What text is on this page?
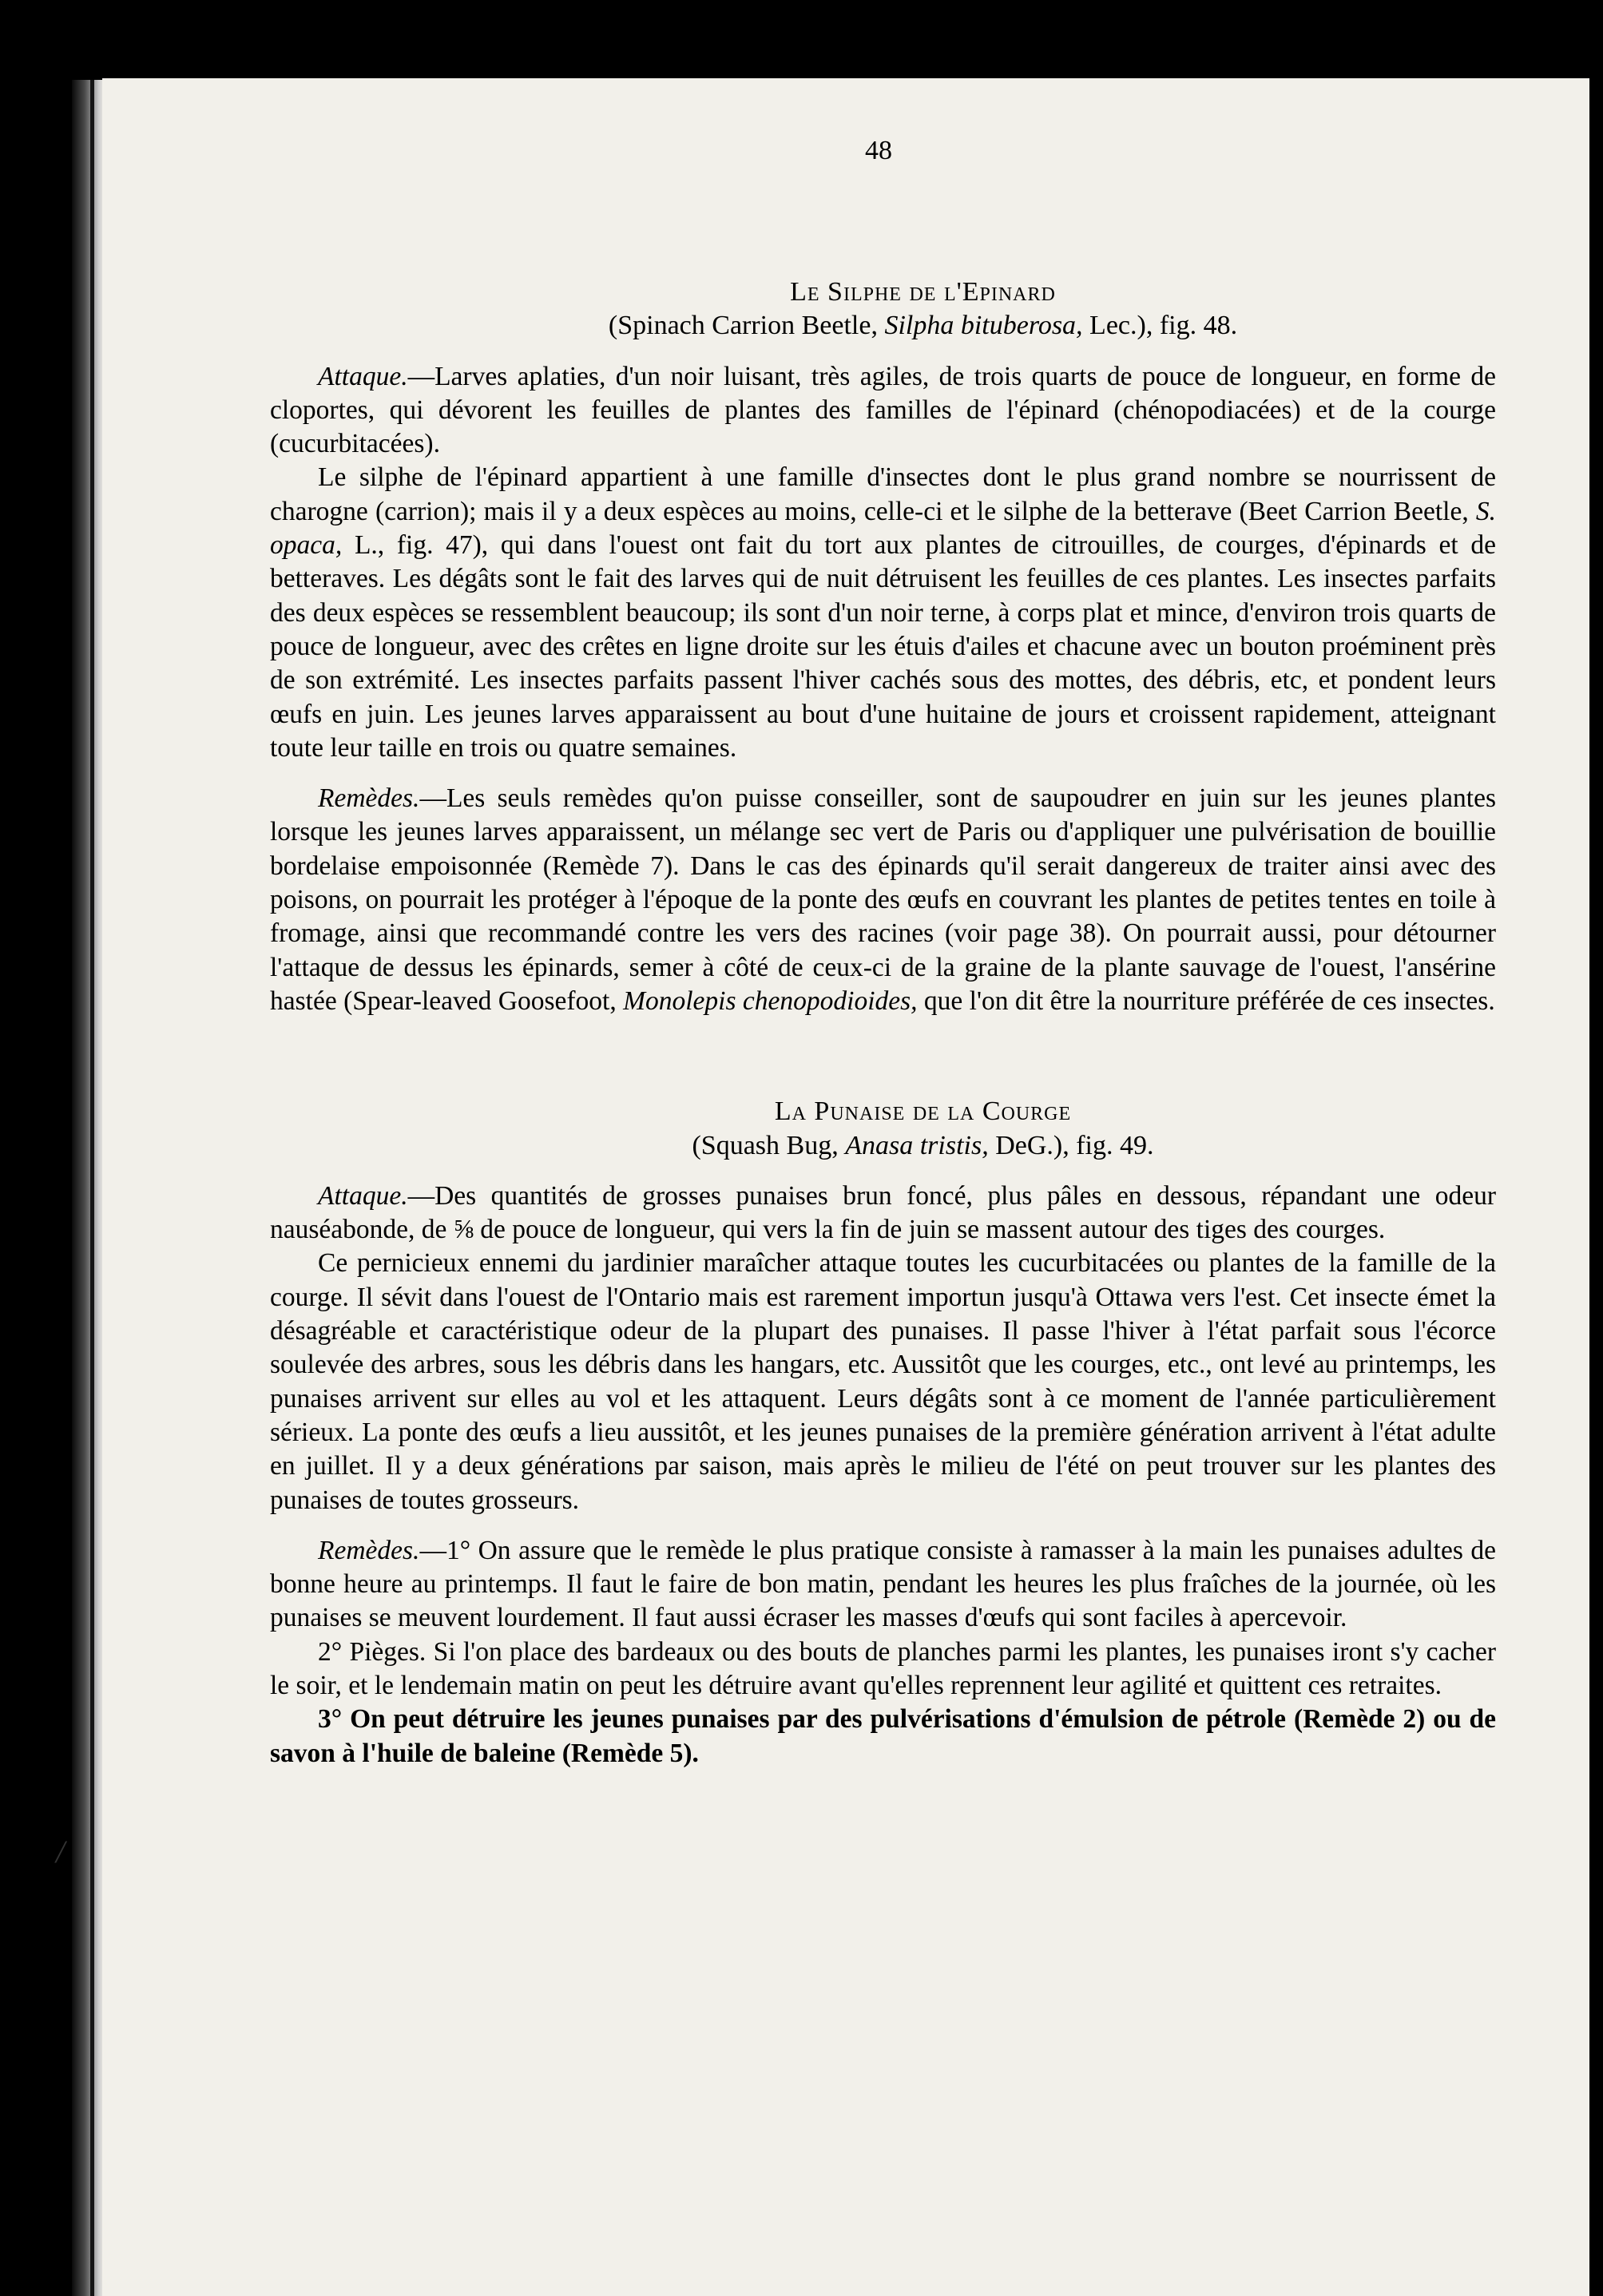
/
48
Le Silphe de l'Epinard
(Spinach Carrion Beetle, Silpha bituberosa, Lec.), fig. 48.

Attaque.—Larves aplaties, d'un noir luisant, très agiles, de trois quarts de pouce de longueur, en forme de cloportes, qui dévorent les feuilles de plantes des familles de l'épinard (chénopodiacées) et de la courge (cucurbitacées).

Le silphe de l'épinard appartient à une famille d'insectes dont le plus grand nombre se nourrissent de charogne (carrion); mais il y a deux espèces au moins, celle-ci et le silphe de la betterave (Beet Carrion Beetle, S. opaca, L., fig. 47), qui dans l'ouest ont fait du tort aux plantes de citrouilles, de courges, d'épinards et de betteraves. Les dégâts sont le fait des larves qui de nuit détruisent les feuilles de ces plantes. Les insectes parfaits des deux espèces se ressemblent beaucoup; ils sont d'un noir terne, à corps plat et mince, d'environ trois quarts de pouce de longueur, avec des crêtes en ligne droite sur les étuis d'ailes et chacune avec un bouton proéminent près de son extrémité. Les insectes parfaits passent l'hiver cachés sous des mottes, des débris, etc, et pondent leurs œufs en juin. Les jeunes larves apparaissent au bout d'une huitaine de jours et croissent rapidement, atteignant toute leur taille en trois ou quatre semaines.

Remèdes.—Les seuls remèdes qu'on puisse conseiller, sont de saupoudrer en juin sur les jeunes plantes lorsque les jeunes larves apparaissent, un mélange sec vert de Paris ou d'appliquer une pulvérisation de bouillie bordelaise empoisonnée (Remède 7). Dans le cas des épinards qu'il serait dangereux de traiter ainsi avec des poisons, on pourrait les protéger à l'époque de la ponte des œufs en couvrant les plantes de petites tentes en toile à fromage, ainsi que recommandé contre les vers des racines (voir page 38). On pourrait aussi, pour détourner l'attaque de dessus les épinards, semer à côté de ceux-ci de la graine de la plante sauvage de l'ouest, l'ansérine hastée (Spear-leaved Goosefoot, Monolepis chenopodioides, que l'on dit être la nourriture préférée de ces insectes.

La Punaise de la Courge
(Squash Bug, Anasa tristis, DeG.), fig. 49.

Attaque.—Des quantités de grosses punaises brun foncé, plus pâles en dessous, répandant une odeur nauséabonde, de ⅝ de pouce de longueur, qui vers la fin de juin se massent autour des tiges des courges.

Ce pernicieux ennemi du jardinier maraîcher attaque toutes les cucurbitacées ou plantes de la famille de la courge. Il sévit dans l'ouest de l'Ontario mais est rarement importun jusqu'à Ottawa vers l'est. Cet insecte émet la désagréable et caractéristique odeur de la plupart des punaises. Il passe l'hiver à l'état parfait sous l'écorce soulevée des arbres, sous les débris dans les hangars, etc. Aussitôt que les courges, etc., ont levé au printemps, les punaises arrivent sur elles au vol et les attaquent. Leurs dégâts sont à ce moment de l'année particulièrement sérieux. La ponte des œufs a lieu aussitôt, et les jeunes punaises de la première génération arrivent à l'état adulte en juillet. Il y a deux générations par saison, mais après le milieu de l'été on peut trouver sur les plantes des punaises de toutes grosseurs.

Remèdes.—1° On assure que le remède le plus pratique consiste à ramasser à la main les punaises adultes de bonne heure au printemps. Il faut le faire de bon matin, pendant les heures les plus fraîches de la journée, où les punaises se meuvent lourdement. Il faut aussi écraser les masses d'œufs qui sont faciles à apercevoir.

2° Pièges. Si l'on place des bardeaux ou des bouts de planches parmi les plantes, les punaises iront s'y cacher le soir, et le lendemain matin on peut les détruire avant qu'elles reprennent leur agilité et quittent ces retraites.

3° On peut détruire les jeunes punaises par des pulvérisations d'émulsion de pétrole (Remède 2) ou de savon à l'huile de baleine (Remède 5).
